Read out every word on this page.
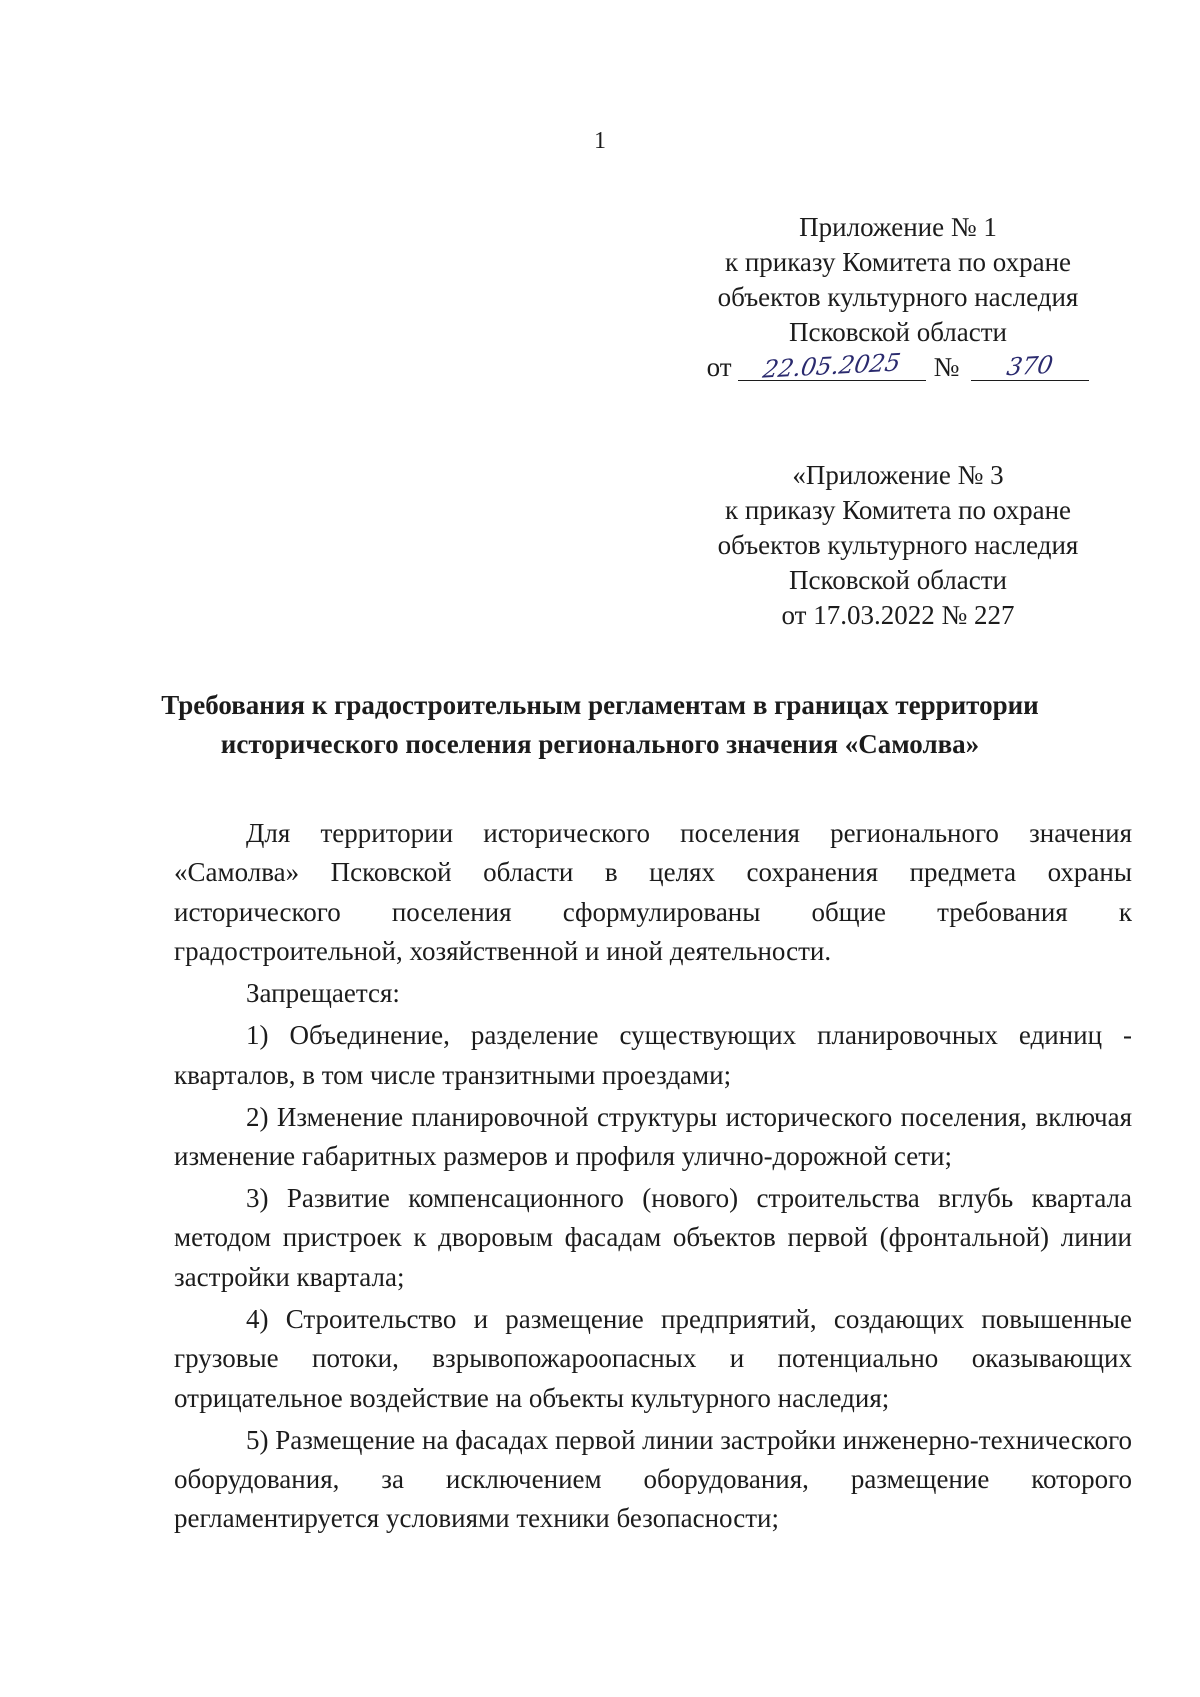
1
Приложение № 1
к приказу Комитета по охране
объектов культурного наследия
Псковской области
от 22.05.2025 № 370
«Приложение № 3
к приказу Комитета по охране
объектов культурного наследия
Псковской области
от 17.03.2022 № 227
Требования к градостроительным регламентам в границах территории
исторического поселения регионального значения «Самолва»

Для территории исторического поселения регионального значения «Самолва» Псковской области в целях сохранения предмета охраны исторического поселения сформулированы общие требования к градостроительной, хозяйственной и иной деятельности.

Запрещается:

1) Объединение, разделение существующих планировочных единиц - кварталов, в том числе транзитными проездами;

2) Изменение планировочной структуры исторического поселения, включая изменение габаритных размеров и профиля улично-дорожной сети;

3) Развитие компенсационного (нового) строительства вглубь квартала методом пристроек к дворовым фасадам объектов первой (фронтальной) линии застройки квартала;

4) Строительство и размещение предприятий, создающих повышенные грузовые потоки, взрывопожароопасных и потенциально оказывающих отрицательное воздействие на объекты культурного наследия;

5) Размещение на фасадах первой линии застройки инженерно-технического оборудования, за исключением оборудования, размещение которого регламентируется условиями техники безопасности;
